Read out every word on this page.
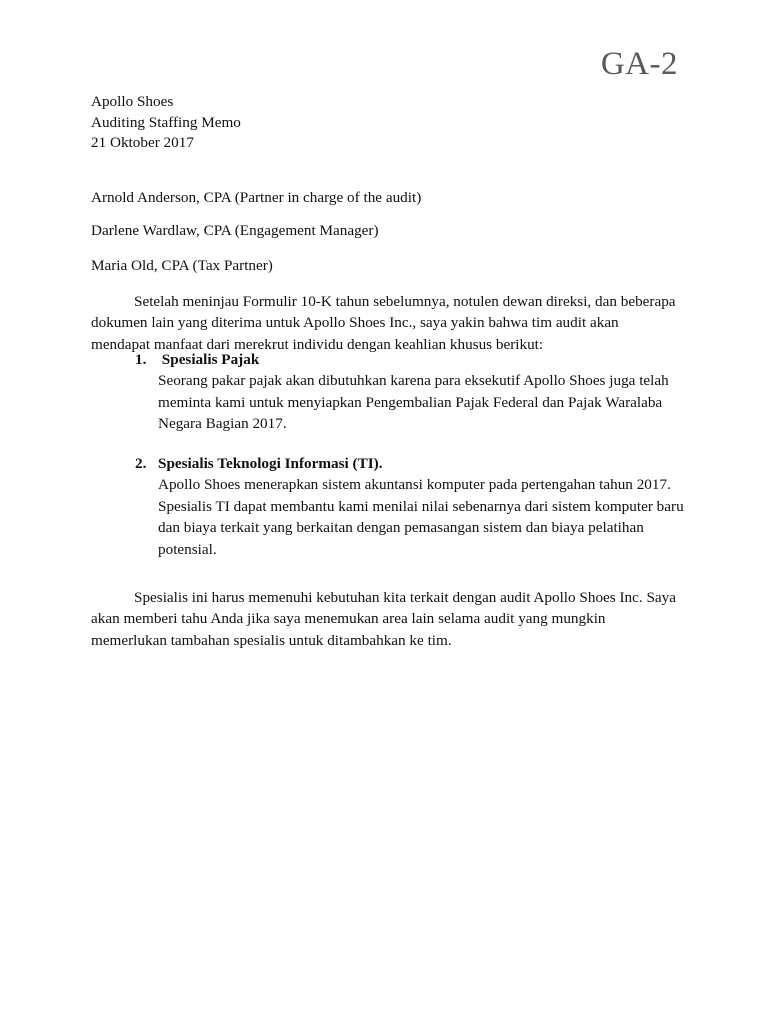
GA-2
Apollo Shoes
Auditing Staffing Memo
21 Oktober 2017
Arnold Anderson, CPA (Partner in charge of the audit)
Darlene Wardlaw, CPA (Engagement Manager)
Maria Old, CPA (Tax Partner)
Setelah meninjau Formulir 10-K tahun sebelumnya, notulen dewan direksi, dan beberapa dokumen lain yang diterima untuk Apollo Shoes Inc., saya yakin bahwa tim audit akan mendapat manfaat dari merekrut individu dengan keahlian khusus berikut:
1. Spesialis Pajak
Seorang pakar pajak akan dibutuhkan karena para eksekutif Apollo Shoes juga telah meminta kami untuk menyiapkan Pengembalian Pajak Federal dan Pajak Waralaba Negara Bagian 2017.
2. Spesialis Teknologi Informasi (TI).
Apollo Shoes menerapkan sistem akuntansi komputer pada pertengahan tahun 2017. Spesialis TI dapat membantu kami menilai nilai sebenarnya dari sistem komputer baru dan biaya terkait yang berkaitan dengan pemasangan sistem dan biaya pelatihan potensial.
Spesialis ini harus memenuhi kebutuhan kita terkait dengan audit Apollo Shoes Inc. Saya akan memberi tahu Anda jika saya menemukan area lain selama audit yang mungkin memerlukan tambahan spesialis untuk ditambahkan ke tim.
